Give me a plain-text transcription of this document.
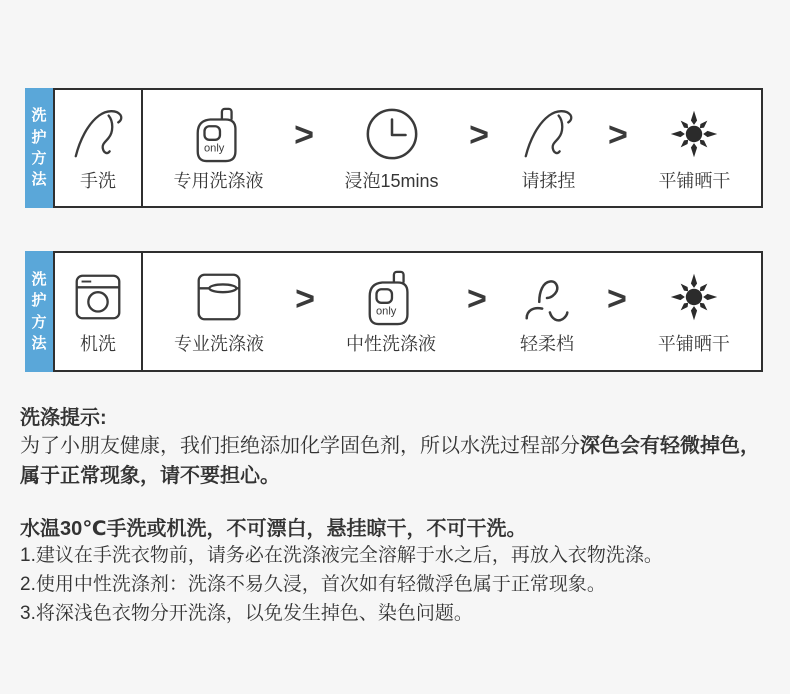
洗护方法 手洗
only
专用洗涤液
>
浸泡15mins
>
请揉捏
>
平铺晒干
洗护方法 机洗	专业洗涤液
>	only
中性洗涤液
>
轻柔档
>
平铺晒干
洗涤提示:
为了小朋友健康，我们拒绝添加化学固色剂，所以水洗过程部分深色会有轻微掉色，
属于正常现象，请不要担心。
水温30℃手洗或机洗，不可漂白，悬挂晾干，不可干洗。
1.建议在手洗衣物前，请务必在洗涤液完全溶解于水之后，再放入衣物洗涤。
2.使用中性洗涤剂：洗涤不易久浸，首次如有轻微浮色属于正常现象。
3.将深浅色衣物分开洗涤，以免发生掉色、染色问题。
